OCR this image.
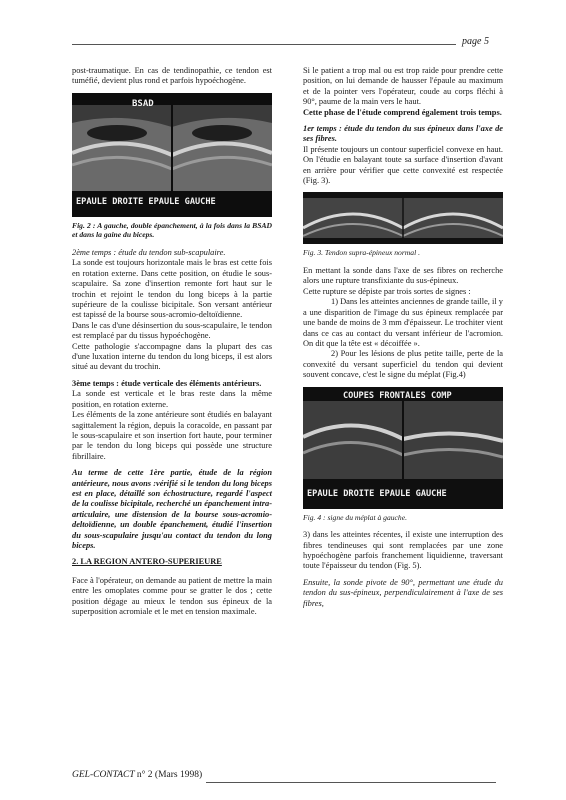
page 5

post-traumatique. En cas de tendinopathie, ce tendon est tuméfié, devient plus rond et parfois hypoéchogène.

BSAD
EPAULE DROITE EPAULE GAUCHE
Fig. 2 : A gauche, double épanchement, à la fois dans la BSAD et dans la gaine du biceps.

2ème temps : étude du tendon sub-scapulaire.

La sonde est toujours horizontale mais le bras est cette fois en rotation externe. Dans cette position, on étudie le sous-scapulaire. Sa zone d'insertion remonte fort haut sur le trochin et rejoint le tendon du long biceps à la partie supérieure de la coulisse bicipitale. Son versant antérieur est tapissé de la bourse sous-acromio-deltoïdienne.

Dans le cas d'une désinsertion du sous-scapulaire, le tendon est remplacé par du tissus hypoéchogène.

Cette pathologie s'accompagne dans la plupart des cas d'une luxation interne du tendon du long biceps, il est alors situé au devant du trochin.

3ème temps : étude verticale des éléments antérieurs.

La sonde est verticale et le bras reste dans la même position, en rotation externe.

Les éléments de la zone antérieure sont étudiés en balayant sagittalement la région, depuis la coracoïde, en passant par le sous-scapulaire et son insertion fort haute, pour terminer par le tendon du long biceps qui possède une structure fibrillaire.

Au terme de cette 1ère partie, étude de la région antérieure, nous avons :vérifié si le tendon du long biceps est en place, détaillé son échostructure, regardé l'aspect de la coulisse bicipitale, recherché un épanchement intra-articulaire, une distension de la bourse sous-acromio-deltoïdienne, un double épanchement, étudié l'insertion du sous-scapulaire jusqu'au contact du tendon du long biceps.

2. LA REGION ANTERO-SUPERIEURE

Face à l'opérateur, on demande au patient de mettre la main entre les omoplates comme pour se gratter le dos ; cette position dégage au mieux le tendon sus épineux de la superposition acromiale et le met en tension maximale.

Si le patient a trop mal ou est trop raide pour prendre cette position, on lui demande de hausser l'épaule au maximum et de la pointer vers l'opérateur, coude au corps fléchi à 90°, paume de la main vers le haut.

Cette phase de l'étude comprend également trois temps.

1er temps : étude du tendon du sus épineux dans l'axe de ses fibres.

Il présente toujours un contour superficiel convexe en haut. On l'étudie en balayant toute sa surface d'insertion d'avant en arrière pour vérifier que cette convexité est respectée (Fig. 3).

Fig. 3. Tendon supra-épineux normal .

En mettant la sonde dans l'axe de ses fibres on recherche alors une rupture transfixiante du sus-épineux.

Cette rupture se dépiste par trois sortes de signes :

1) Dans les atteintes anciennes de grande taille, il y a une disparition de l'image du sus épineux remplacée par une bande de moins de 3 mm d'épaisseur. Le trochiter vient dans ce cas au contact du versant inférieur de l'acromion. On dit que la tête est « décoiffée ».

2) Pour les lésions de plus petite taille, perte de la convexité du versant superficiel du tendon qui devient souvent concave, c'est le signe du méplat (Fig.4)

COUPES FRONTALES COMP
EPAULE DROITE EPAULE GAUCHE
Fig. 4 : signe du méplat à gauche.

3) dans les atteintes récentes, il existe une interruption des fibres tendineuses qui sont remplacées par une zone hypoéchogène parfois franchement liquidienne, traversant toute l'épaisseur du tendon (Fig. 5).

Ensuite, la sonde pivote de 90°, permettant une étude du tendon du sus-épineux, perpendiculairement à l'axe de ses fibres,

GEL-CONTACT n° 2 (Mars 1998)
